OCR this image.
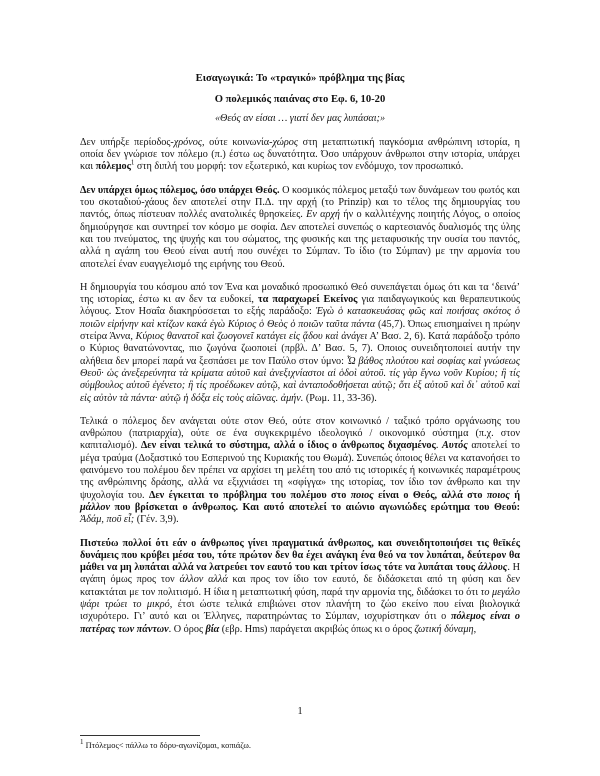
Εισαγωγικά: Το «τραγικό» πρόβλημα της βίας
Ο πολεμικός παιάνας στο Εφ. 6, 10-20
«Θεός αν είσαι … γιατί δεν μας λυπάσαι;»

Δεν υπήρξε περίοδος-χρόνος, ούτε κοινωνία-χώρος στη μεταπτωτική παγκόσμια ανθρώπινη ιστορία, η οποία δεν γνώρισε τον πόλεμο (π.) έστω ως δυνατότητα. Όσο υπάρχουν άνθρωποι στην ιστορία, υπάρχει και πόλεμος$^1$ στη διπλή του μορφή: τον εξωτερικό, και κυρίως τον ενδόμυχο, τον προσωπικό.

Δεν υπάρχει όμως πόλεμος, όσο υπάρχει Θεός. Ο κοσμικός πόλεμος μεταξύ των δυνάμεων του φωτός και του σκοταδιού-χάους δεν αποτελεί στην Π.Δ. την αρχή (το Prinzip) και το τέλος της δημιουργίας του παντός, όπως πίστευαν πολλές ανατολικές θρησκείες. Εν αρχή ήν ο καλλιτέχνης ποιητής Λόγος, ο οποίος δημιούργησε και συντηρεί τον κόσμο με σοφία. Δεν αποτελεί συνεπώς ο καρτεσιανός δυαλισμός της ύλης και του πνεύματος, της ψυχής και του σώματος, της φυσικής και της μεταφυσικής την ουσία του παντός, αλλά η αγάπη του Θεού είναι αυτή που συνέχει το Σύμπαν. Το ίδιο (το Σύμπαν) με την αρμονία του αποτελεί έναν ευαγγελισμό της ειρήνης του Θεού.

Η δημιουργία του κόσμου από τον Ένα και μοναδικό προσωπικό Θεό συνεπάγεται όμως ότι και τα ‘δεινά’ της ιστορίας, έστω κι αν δεν τα ευδοκεί, τα παραχωρεί Εκείνος για παιδαγωγικούς και θεραπευτικούς λόγους. Στον Ησαΐα διακηρύσσεται το εξής παράδοξο: Ἐγὼ ὁ κατασκευάσας φῶς καὶ ποιήσας σκότος ὁ ποιῶν εἰρήνην καὶ κτίζων κακά ἐγὼ Κύριος ὁ Θεὸς ὁ ποιῶν ταῦτα πάντα (45,7). Όπως επισημαίνει η πρώην στείρα Άννα, Κύριος θανατοῖ καὶ ζωογονεῖ κατάγει εἰς ᾅδου καὶ ἀνάγει Α’ Βασ. 2, 6). Κατά παράδοξο τρόπο ο Κύριος θανατώνοντας, πιο ζωγόνα ζωοποιεί (πρβλ. Δ’ Βασ. 5, 7). Οποιος συνειδητοποιεί αυτήν την αλήθεια δεν μπορεί παρά να ξεσπάσει με τον Παύλο στον ύμνο: Ὦ βάθος πλούτου καὶ σοφίας καὶ γνώσεως Θεοῦ· ὡς ἀνεξερεύνητα τὰ κρίματα αὐτοῦ καὶ ἀνεξιχνίαστοι αἱ ὁδοὶ αὐτοῦ. τίς γὰρ ἔγνω νοῦν Κυρίου; ἢ τίς σύμβουλος αὐτοῦ ἐγένετο; ἢ τίς προέδωκεν αὐτῷ, καὶ ἀνταποδοθήσεται αὐτῷ; ὅτι ἐξ αὐτοῦ καὶ δι᾿ αὐτοῦ καὶ εἰς αὐτὸν τὰ πάντα· αὐτῷ ἡ δόξα εἰς τοὺς αἰῶνας. ἀμήν. (Ρωμ. 11, 33-36).

Τελικά ο πόλεμος δεν ανάγεται ούτε στον Θεό, ούτε στον κοινωνικό / ταξικό τρόπο οργάνωσης του ανθρώπου (πατριαρχία), ούτε σε ένα συγκεκριμένο ιδεολογικό / οικονομικό σύστημα (π.χ. στον καπιταλισμό). Δεν είναι τελικά το σύστημα, αλλά ο ίδιος ο άνθρωπος διχασμένος. Αυτός αποτελεί το μέγα τραύμα (Δοξαστικό του Εσπερινού της Κυριακής του Θωμά). Συνεπώς όποιος θέλει να κατανοήσει το φαινόμενο του πολέμου δεν πρέπει να αρχίσει τη μελέτη του από τις ιστορικές ή κοινωνικές παραμέτρους της ανθρώπινης δράσης, αλλά να εξιχνιάσει τη «σφίγγα» της ιστορίας, τον ίδιο τον άνθρωπο και την ψυχολογία του. Δεν έγκειται το πρόβλημα του πολέμου στο ποιος είναι ο Θεός, αλλά στο ποιος ή μάλλον που βρίσκεται ο άνθρωπος. Και αυτό αποτελεί το αιώνιο αγωνιώδες ερώτημα του Θεού: Ἀδάμ, ποῦ εἶ; (Γέν. 3,9).

Πιστεύω πολλοί ότι εάν ο άνθρωπος γίνει πραγματικά άνθρωπος, και συνειδητοποιήσει τις θεϊκές δυνάμεις που κρύβει μέσα του, τότε πρώτον δεν θα έχει ανάγκη ένα θεό να τον λυπάται, δεύτερον θα μάθει να μη λυπάται αλλά να λατρεύει τον εαυτό του και τρίτον ίσως τότε να λυπάται τους άλλους. Η αγάπη όμως προς τον άλλον αλλά και προς τον ίδιο τον εαυτό, δε διδάσκεται από τη φύση και δεν κατακτάται με τον πολιτισμό. Η ίδια η μεταπτωτική φύση, παρά την αρμονία της, διδάσκει το ότι το μεγάλο ψάρι τρώει το μικρό, έτσι ώστε τελικά επιβιώνει στον πλανήτη το ζώο εκείνο που είναι βιολογικά ισχυρότερο. Γι’ αυτό και οι Έλληνες, παρατηρώντας το Σύμπαν, ισχυρίστηκαν ότι ο πόλεμος είναι ο πατέρας των πάντων. Ο όρος βία (εβρ. Hms) παράγεται ακριβώς όπως κι ο όρος ζωτική δύναμη,

1
$^1$ Πτόλεμος< πάλλω το δόρυ-αγωνίζομαι, κοπιάζω.
